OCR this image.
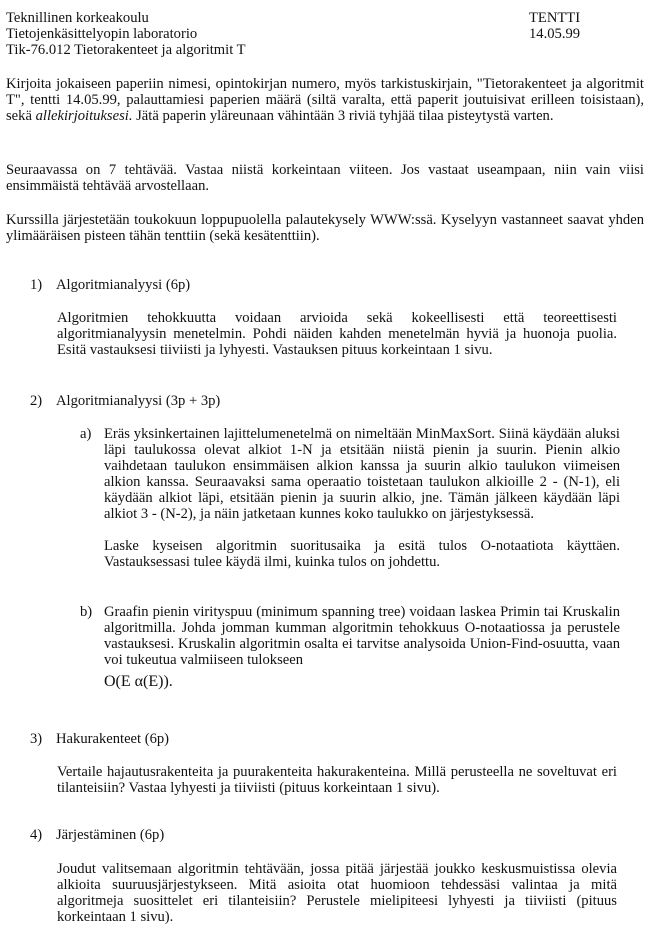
Teknillinen korkeakoulu
Tietojenkäsittelyopin laboratorio
Tik-76.012 Tietorakenteet ja algoritmit T
TENTTI
14.05.99

Kirjoita jokaiseen paperiin nimesi, opintokirjan numero, myös tarkistuskirjain, "Tietorakenteet ja algoritmit T", tentti 14.05.99, palauttamiesi paperien määrä (siltä varalta, että paperit joutuisivat erilleen toisistaan), sekä allekirjoituksesi. Jätä paperin yläreunaan vähintään 3 riviä tyhjää tilaa pisteytystä varten.

Seuraavassa on 7 tehtävää. Vastaa niistä korkeintaan viiteen. Jos vastaat useampaan, niin vain viisi ensimmäistä tehtävää arvostellaan.

Kurssilla järjestetään toukokuun loppupuolella palautekysely WWW:ssä. Kyselyyn vastanneet saavat yhden ylimääräisen pisteen tähän tenttiin (sekä kesätenttiin).

1) Algoritmianalyysi (6p)

Algoritmien tehokkuutta voidaan arvioida sekä kokeellisesti että teoreettisesti algoritmianalyysin menetelmin. Pohdi näiden kahden menetelmän hyviä ja huonoja puolia. Esitä vastauksesi tiiviisti ja lyhyesti. Vastauksen pituus korkeintaan 1 sivu.

2) Algoritmianalyysi (3p + 3p)
a) Eräs yksinkertainen lajittelumenetelmä on nimeltään MinMaxSort. Siinä käydään aluksi läpi taulukossa olevat alkiot 1-N ja etsitään niistä pienin ja suurin. Pienin alkio vaihdetaan taulukon ensimmäisen alkion kanssa ja suurin alkio taulukon viimeisen alkion kanssa. Seuraavaksi sama operaatio toistetaan taulukon alkioille 2 - (N-1), eli käydään alkiot läpi, etsitään pienin ja suurin alkio, jne. Tämän jälkeen käydään läpi alkiot 3 - (N-2), ja näin jatketaan kunnes koko taulukko on järjestyksessä.

Laske kyseisen algoritmin suoritusaika ja esitä tulos O-notaatiota käyttäen. Vastauksessasi tulee käydä ilmi, kuinka tulos on johdettu.

b) Graafin pienin virityspuu (minimum spanning tree) voidaan laskea Primin tai Kruskalin algoritmilla. Johda jomman kumman algoritmin tehokkuus O-notaatiossa ja perustele vastauksesi. Kruskalin algoritmin osalta ei tarvitse analysoida Union-Find-osuutta, vaan voi tukeutua valmiiseen tulokseen

O(E α(E)).

3) Hakurakenteet (6p)

Vertaile hajautusrakenteita ja puurakenteita hakurakenteina. Millä perusteella ne soveltuvat eri tilanteisiin? Vastaa lyhyesti ja tiiviisti (pituus korkeintaan 1 sivu).

4) Järjestäminen (6p)

Joudut valitsemaan algoritmin tehtävään, jossa pitää järjestää joukko keskusmuistissa olevia alkioita suuruusjärjestykseen. Mitä asioita otat huomioon tehdessäsi valintaa ja mitä algoritmeja suosittelet eri tilanteisiin? Perustele mielipiteesi lyhyesti ja tiiviisti (pituus korkeintaan 1 sivu).
